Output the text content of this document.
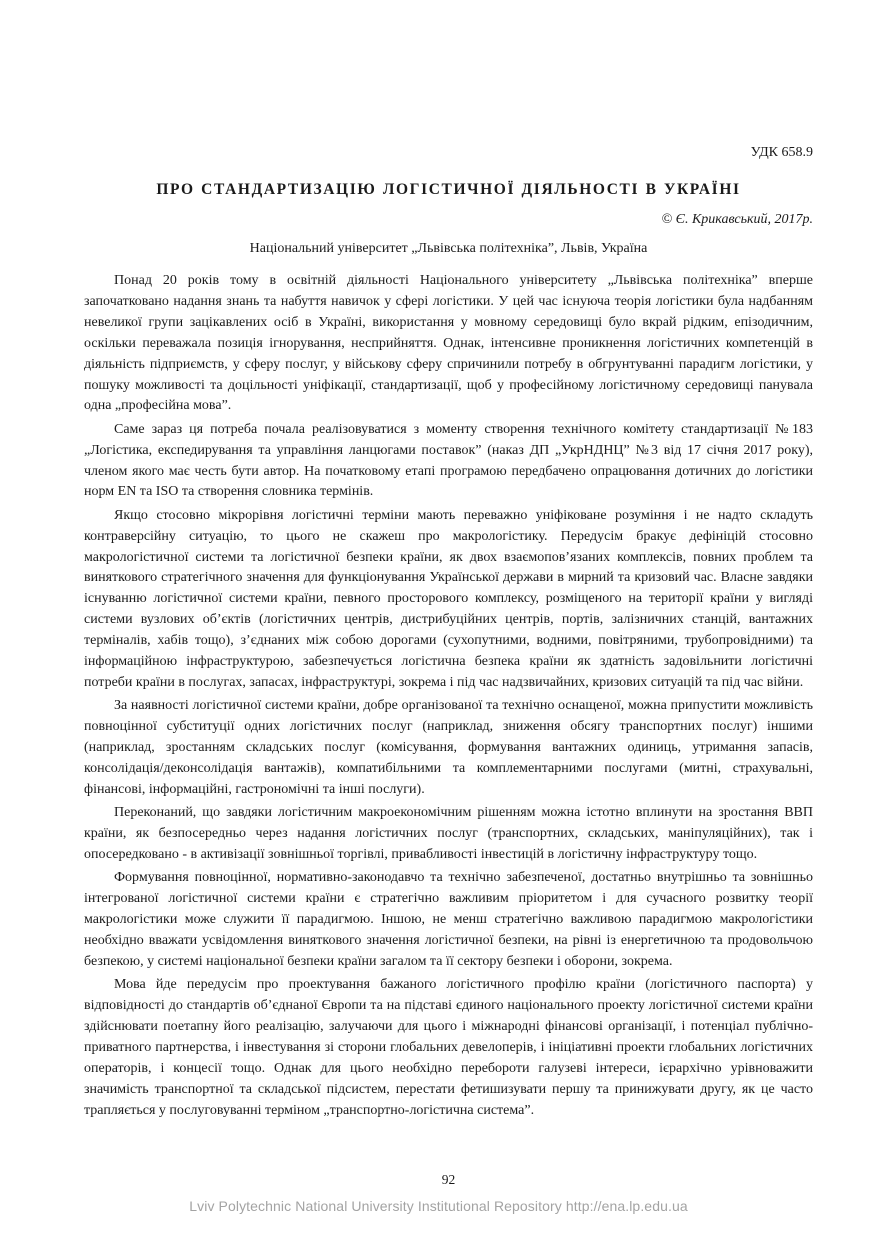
УДК 658.9
ПРО СТАНДАРТИЗАЦІЮ ЛОГІСТИЧНОЇ ДІЯЛЬНОСТІ В УКРАЇНІ
© Є. Крикавський, 2017р.
Національний університет „Львівська політехніка”, Львів, Україна

Понад 20 років тому в освітній діяльності Національного університету „Львівська політехніка” вперше започатковано надання знань та набуття навичок у сфері логістики. У цей час існуюча теорія логістики була надбанням невеликої групи зацікавлених осіб в Україні, використання у мовному середовищі було вкрай рідким, епізодичним, оскільки переважала позиція ігнорування, несприйняття. Однак, інтенсивне проникнення логістичних компетенцій в діяльність підприємств, у сферу послуг, у військову сферу спричинили потребу в обгрунтуванні парадигм логістики, у пошуку можливості та доцільності уніфікації, стандартизації, щоб у професійному логістичному середовищі панувала одна „професійна мова”.

Саме зараз ця потреба почала реалізовуватися з моменту створення технічного комітету стандартизації №183 „Логістика, експедирування та управління ланцюгами поставок” (наказ ДП „УкрНДНЦ” №3 від 17 січня 2017 року), членом якого має честь бути автор. На початковому етапі програмою передбачено опрацювання дотичних до логістики норм EN та ISO та створення словника термінів.

Якщо стосовно мікрорівня логістичні терміни мають переважно уніфіковане розуміння і не надто складуть контраверсійну ситуацію, то цього не скажеш про макрологістику. Передусім бракує дефініцій стосовно макрологістичної системи та логістичної безпеки країни, як двох взаємопов’язаних комплексів, повних проблем та виняткового стратегічного значення для функціонування Української держави в мирний та кризовий час. Власне завдяки існуванню логістичної системи країни, певного просторового комплексу, розміщеного на території країни у вигляді системи вузлових об’єктів (логістичних центрів, дистрибуційних центрів, портів, залізничних станцій, вантажних терміналів, хабів тощо), з’єднаних між собою дорогами (сухопутними, водними, повітряними, трубопровідними) та інформаційною інфраструктурою, забезпечується логістична безпека країни як здатність задовільнити логістичні потреби країни в послугах, запасах, інфраструктурі, зокрема і під час надзвичайних, кризових ситуацій та під час війни.

За наявності логістичної системи країни, добре організованої та технічно оснащеної, можна припустити можливість повноцінної субституції одних логістичних послуг (наприклад, зниження обсягу транспортних послуг) іншими (наприклад, зростанням складських послуг (комісування, формування вантажних одиниць, утримання запасів, консолідація/деконсолідація вантажів), компатибільними та комплементарними послугами (митні, страхувальні, фінансові, інформаційні, гастрономічні та інші послуги).

Переконаний, що завдяки логістичним макроекономічним рішенням можна істотно вплинути на зростання ВВП країни, як безпосередньо через надання логістичних послуг (транспортних, складських, маніпуляційних), так і опосередковано - в активізації зовнішньої торгівлі, привабливості інвестицій в логістичну інфраструктуру тощо.

Формування повноцінної, нормативно-законодавчо та технічно забезпеченої, достатньо внутрішньо та зовнішньо інтегрованої логістичної системи країни є стратегічно важливим пріоритетом і для сучасного розвитку теорії макрологістики може служити її парадигмою. Іншою, не менш стратегічно важливою парадигмою макрологістики необхідно вважати усвідомлення виняткового значення логістичної безпеки, на рівні із енергетичною та продовольчою безпекою, у системі національної безпеки країни загалом та її сектору безпеки і оборони, зокрема.

Мова йде передусім про проектування бажаного логістичного профілю країни (логістичного паспорта) у відповідності до стандартів об’єднаної Європи та на підставі єдиного національного проекту логістичної системи країни здійснювати поетапну його реалізацію, залучаючи для цього і міжнародні фінансові організації, і потенціал публічно-приватного партнерства, і інвестування зі сторони глобальних девелоперів, і ініціативні проекти глобальних логістичних операторів, і концесії тощо. Однак для цього необхідно перебороти галузеві інтереси, ієрархічно урівноважити значимість транспортної та складської підсистем, перестати фетишизувати першу та принижувати другу, як це часто трапляється у послуговуванні терміном „транспортно-логістична система”.

92
Lviv Polytechnic National University Institutional Repository http://ena.lp.edu.ua
